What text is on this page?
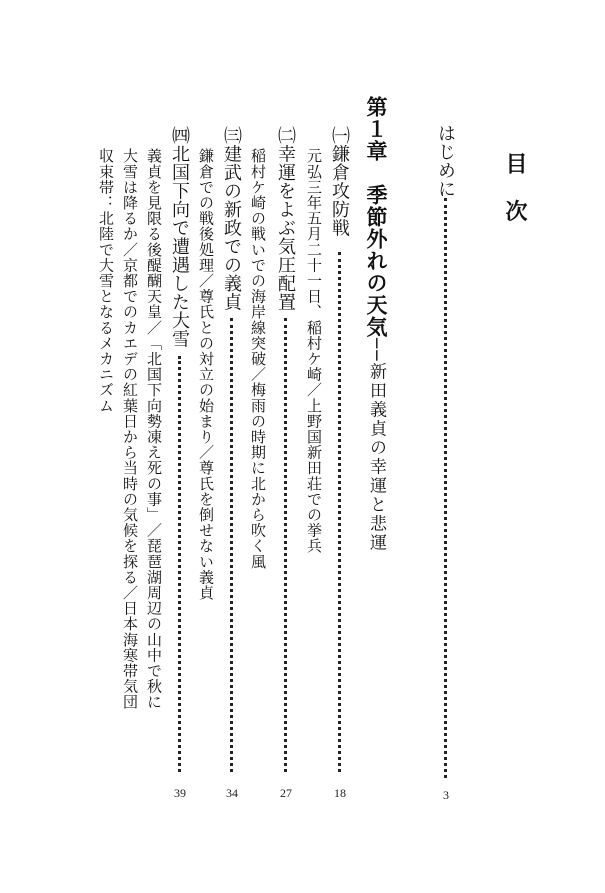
目 次
はじめに
3
第１章　季節外れの天気──新田義貞の幸運と悲運
㈠鎌倉攻防戦
18
元弘三年五月二十一日、稲村ケ崎／上野国新田荘での挙兵
㈡幸運をよぶ気圧配置
27
稲村ケ崎の戦いでの海岸線突破／梅雨の時期に北から吹く風
㈢建武の新政での義貞
34
鎌倉での戦後処理／尊氏との対立の始まり／尊氏を倒せない義貞
㈣北国下向で遭遇した大雪
39
義貞を見限る後醍醐天皇／「北国下向勢凍え死の事」／琵琶湖周辺の山中で秋に
大雪は降るか／京都でのカエデの紅葉日から当時の気候を探る／日本海寒帯気団
収束帯：北陸で大雪となるメカニズム
